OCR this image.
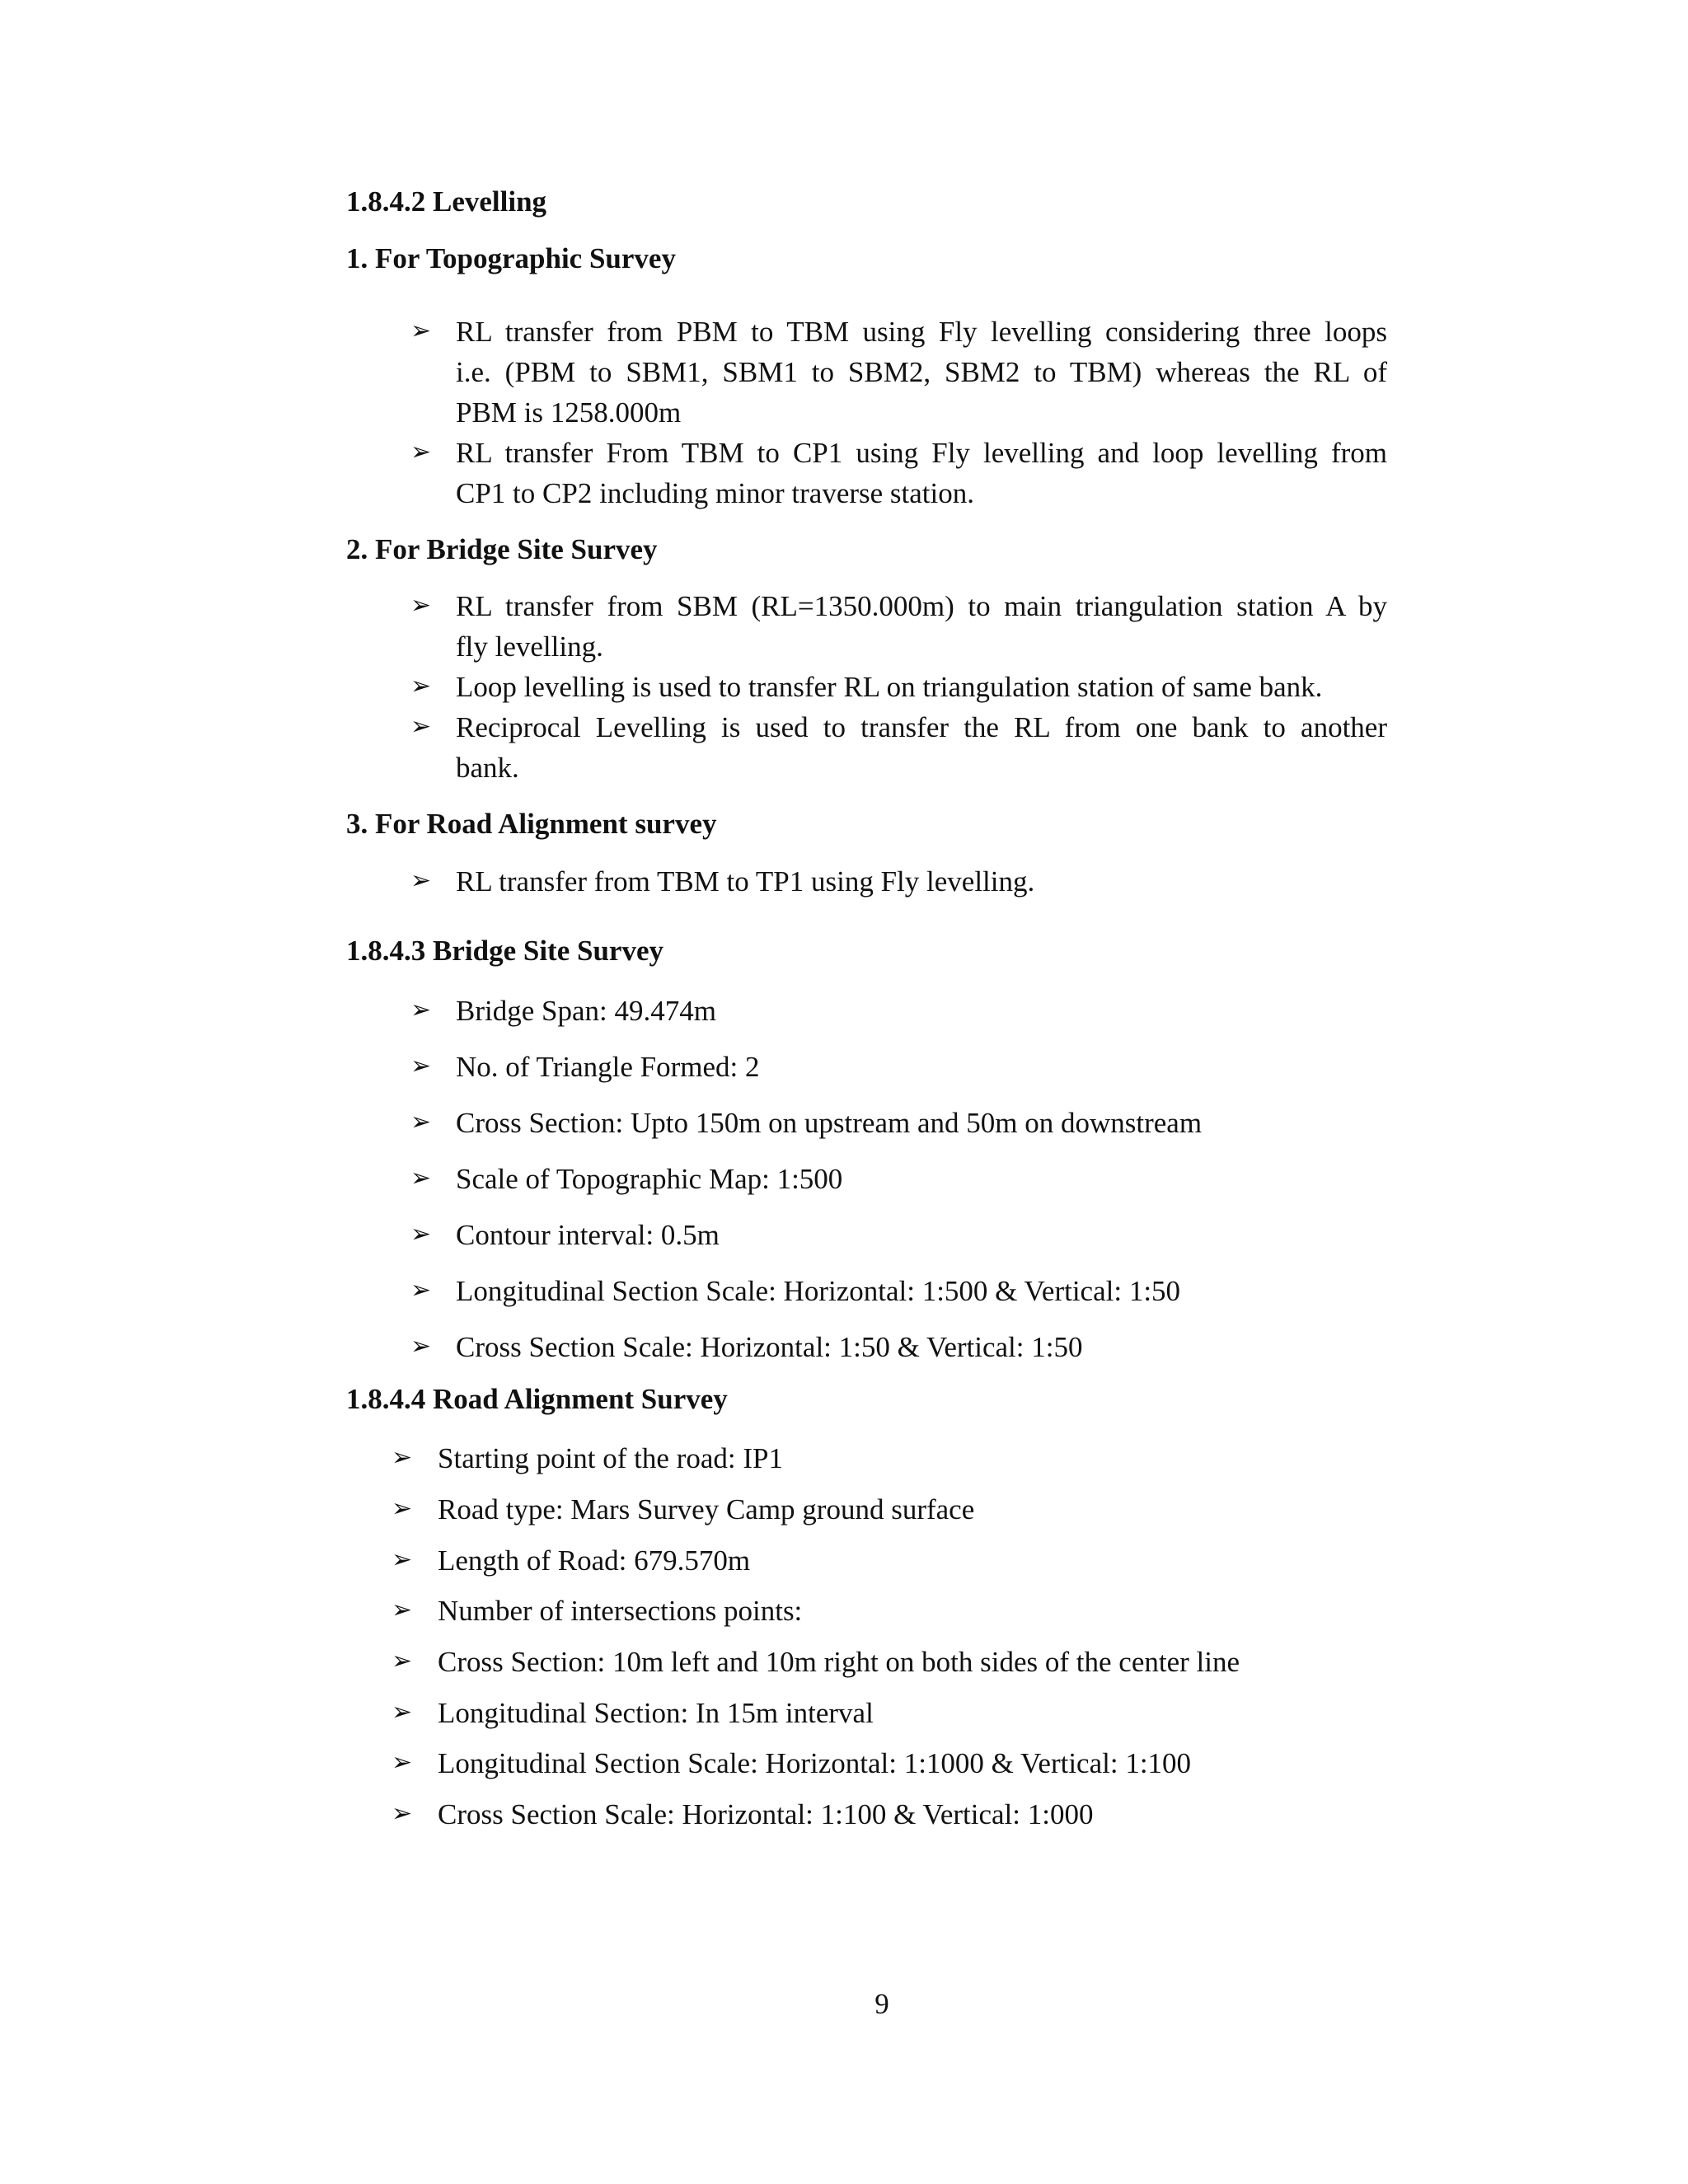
1.8.4.2 Levelling
1. For Topographic Survey
➢ RL transfer from PBM to TBM using Fly levelling considering three loops
i.e. (PBM to SBM1, SBM1 to SBM2, SBM2 to TBM) whereas the RL of
PBM is 1258.000m
➢ RL transfer From TBM to CP1 using Fly levelling and loop levelling from
CP1 to CP2 including minor traverse station.
2. For Bridge Site Survey
➢ RL transfer from SBM (RL=1350.000m) to main triangulation station A by
fly levelling.
➢ Loop levelling is used to transfer RL on triangulation station of same bank.
➢ Reciprocal Levelling is used to transfer the RL from one bank to another
bank.
3. For Road Alignment survey
➢ RL transfer from TBM to TP1 using Fly levelling.
1.8.4.3 Bridge Site Survey
➢ Bridge Span: 49.474m
➢ No. of Triangle Formed: 2
➢ Cross Section: Upto 150m on upstream and 50m on downstream
➢ Scale of Topographic Map: 1:500
➢ Contour interval: 0.5m
➢ Longitudinal Section Scale: Horizontal: 1:500 & Vertical: 1:50
➢ Cross Section Scale: Horizontal: 1:50 & Vertical: 1:50
1.8.4.4 Road Alignment Survey
➢ Starting point of the road: IP1
➢ Road type: Mars Survey Camp ground surface
➢ Length of Road: 679.570m
➢ Number of intersections points:
➢ Cross Section: 10m left and 10m right on both sides of the center line
➢ Longitudinal Section: In 15m interval
➢ Longitudinal Section Scale: Horizontal: 1:1000 & Vertical: 1:100
➢ Cross Section Scale: Horizontal: 1:100 & Vertical: 1:000
9
